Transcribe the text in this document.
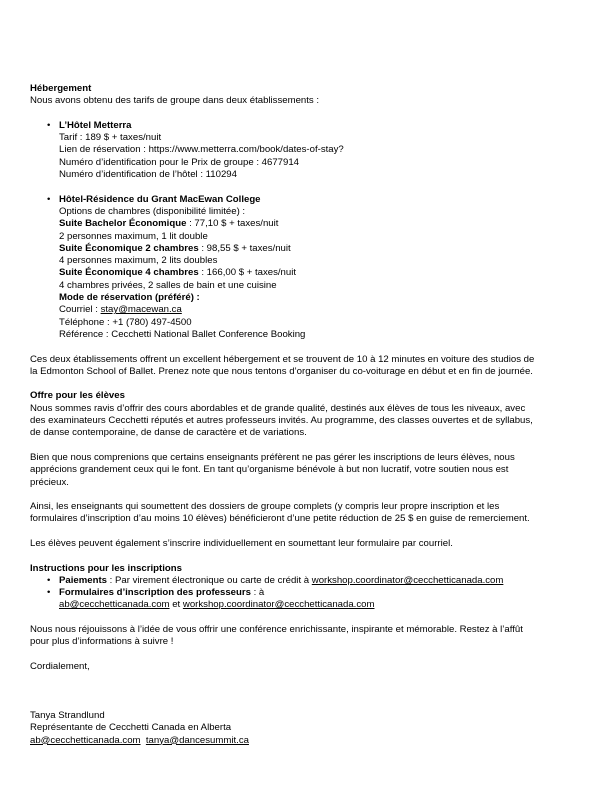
Hébergement
Nous avons obtenu des tarifs de groupe dans deux établissements :
• L’Hôtel Metterra
Tarif : 189 $ + taxes/nuit
Lien de réservation : https://www.metterra.com/book/dates-of-stay?
Numéro d’identification pour le Prix de groupe : 4677914
Numéro d’identification de l’hôtel : 110294
• Hôtel-Résidence du Grant MacEwan College
Options de chambres (disponibilité limitée) :
Suite Bachelor Économique : 77,10 $ + taxes/nuit
2 personnes maximum, 1 lit double
Suite Économique 2 chambres : 98,55 $ + taxes/nuit
4 personnes maximum, 2 lits doubles
Suite Économique 4 chambres : 166,00 $ + taxes/nuit
4 chambres privées, 2 salles de bain et une cuisine
Mode de réservation (préféré) :
Courriel : stay@macewan.ca
Téléphone : +1 (780) 497-4500
Référence : Cecchetti National Ballet Conference Booking
Ces deux établissements offrent un excellent hébergement et se trouvent de 10 à 12 minutes en voiture des studios de
la Edmonton School of Ballet. Prenez note que nous tentons d’organiser du co-voiturage en début et en fin de journée.
Offre pour les élèves
Nous sommes ravis d’offrir des cours abordables et de grande qualité, destinés aux élèves de tous les niveaux, avec
des examinateurs Cecchetti réputés et autres professeurs invités. Au programme, des classes ouvertes et de syllabus,
de danse contemporaine, de danse de caractère et de variations.
Bien que nous comprenions que certains enseignants préfèrent ne pas gérer les inscriptions de leurs élèves, nous
apprécions grandement ceux qui le font. En tant qu’organisme bénévole à but non lucratif, votre soutien nous est
précieux.
Ainsi, les enseignants qui soumettent des dossiers de groupe complets (y compris leur propre inscription et les
formulaires d’inscription d’au moins 10 élèves) bénéficieront d’une petite réduction de 25 $ en guise de remerciement.
Les élèves peuvent également s’inscrire individuellement en soumettant leur formulaire par courriel.
Instructions pour les inscriptions
• Paiements : Par virement électronique ou carte de crédit à workshop.coordinator@cecchetticanada.com
• Formulaires d’inscription des professeurs : à
ab@cecchetticanada.com et workshop.coordinator@cecchetticanada.com
Nous nous réjouissons à l’idée de vous offrir une conférence enrichissante, inspirante et mémorable. Restez à l’affût
pour plus d’informations à suivre !
Cordialement,
Tanya Strandlund
Représentante de Cecchetti Canada en Alberta
ab@cecchetticanada.com tanya@dancesummit.ca
